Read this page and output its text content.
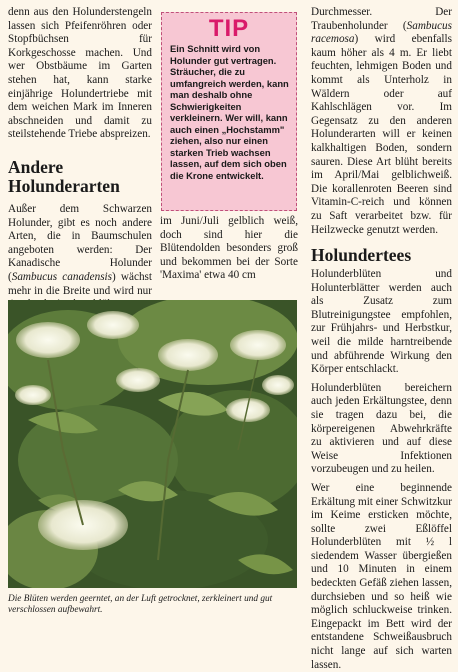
denn aus den Holunderstengeln lassen sich Pfeifenröhren oder Stopfbüchsen für Korkgeschosse machen. Und wer Obstbäume im Garten stehen hat, kann starke einjährige Holundertriebe mit dem weichen Mark im Inneren abschneiden und damit zu steilstehende Triebe abspreizen.

Andere Holunderarten

Außer dem Schwarzen Holunder, gibt es noch andere Arten, die in Baumschulen angeboten werden: Der Kanadische Holunder (Sambucus canadensis) wächst mehr in die Breite und wird nur

TIP
Ein Schnitt wird von Holunder gut vertragen. Sträucher, die zu umfangreich werden, kann man deshalb ohne Schwierigkeiten verkleinern. Wer will, kann auch einen „Hochstamm" ziehen, also nur einen starken Trieb wachsen lassen, auf dem sich oben die Krone entwickelt.

im Juni/Juli gelblich weiß, doch sind hier die Blütendolden besonders groß und bekommen bei der Sorte 'Maxima' etwa 40 cm

Die Blüten werden geerntet, an der Luft getrocknet, zerkleinert und gut verschlossen aufbewahrt.

Durchmesser. Der Traubenholunder (Sambucus racemosa) wird ebenfalls kaum höher als 4 m. Er liebt feuchten, lehmigen Boden und kommt als Unterholz in Wäldern oder auf Kahlschlägen vor. Im Gegensatz zu den anderen Holunderarten will er keinen kalkhaltigen Boden, sondern sauren. Diese Art blüht bereits im April/Mai gelblichweiß. Die korallenroten Beeren sind Vitamin-C-reich und können zu Saft verarbeitet bzw. für Heilzwecke genutzt werden.

Holundertees

Holunderblüten und Holunterblätter werden auch als Zusatz zum Blutreinigungstee empfohlen, zur Frühjahrs- und Herbstkur, weil die milde harntreibende und abführende Wirkung den Körper entschlackt.

Holunderblüten bereichern auch jeden Erkältungstee, denn sie tragen dazu bei, die körpereigenen Abwehrkräfte zu aktivieren und auf diese Weise Infektionen vorzubeugen und zu heilen.

Wer eine beginnende Erkältung mit einer Schwitzkur im Keime ersticken möchte, sollte zwei Eßlöffel Holunderblüten mit ½ l siedendem Wasser übergießen und 10 Minuten in einem bedeckten Gefäß ziehen lassen, durchsieben und so heiß wie möglich schluckweise trinken. Eingepackt im Bett wird der entstandene Schweißausbruch nicht lange auf sich warten lassen.
